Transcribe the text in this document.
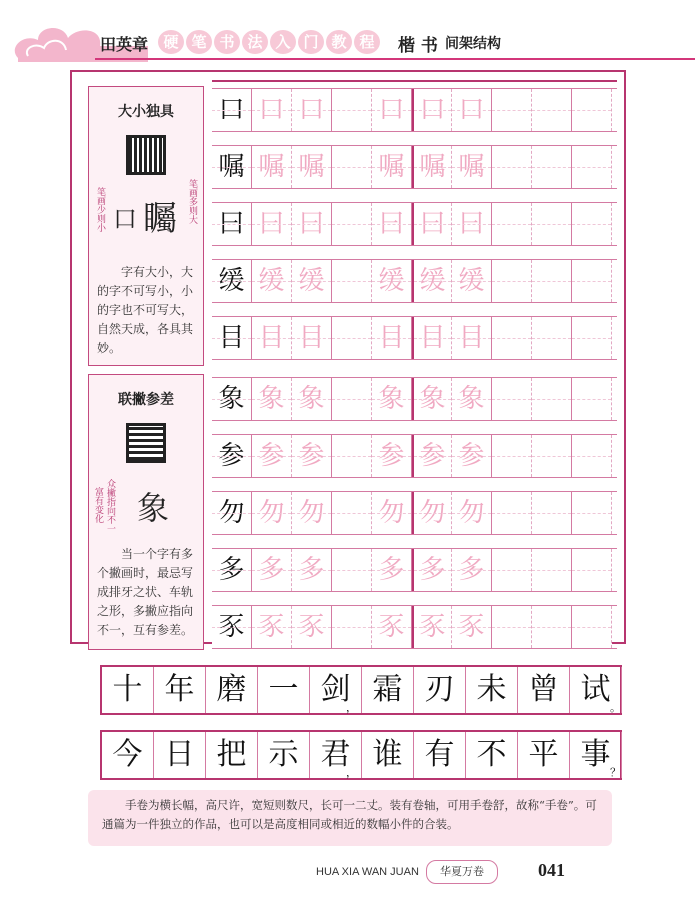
田英章	硬 笔 书 法 入 门 教 程	楷 书 间架结构
大小独具
笔画少则小	笔画多则大
口 矚
字有大小，大的字不可写小，小的字也不可写大，自然天成，各具其妙。
联撇参差
富有变化 众撇指向不一 象
当一个字有多个撇画时，最忌写成排牙之状、车轨之形，多撇应指向不一，互有参差。
口 口 口 口 口 口
嘱 嘱 嘱 嘱 嘱 嘱
曰 曰 曰 曰 曰 曰
缓 缓 缓 缓 缓 缓
目 目 目 目 目 目
象 象 象 象 象 象
参 参 参 参 参 参
勿 勿 勿 勿 勿 勿
多 多 多 多 多 多
豕 豕 豕 豕 豕 豕
十 年 磨 一 剑 霜 刃 未 曾 试
，	。
今 日 把 示 君 谁 有 不 平 事
，	？
手卷为横长幅，高尺许，宽短则数尺，长可一二丈。装有卷轴，可用手卷舒，故称“手卷”。可通篇为一件独立的作品，也可以是高度相同或相近的数幅小件的合装。
HUA XIA WAN JUAN	华夏万卷	041
